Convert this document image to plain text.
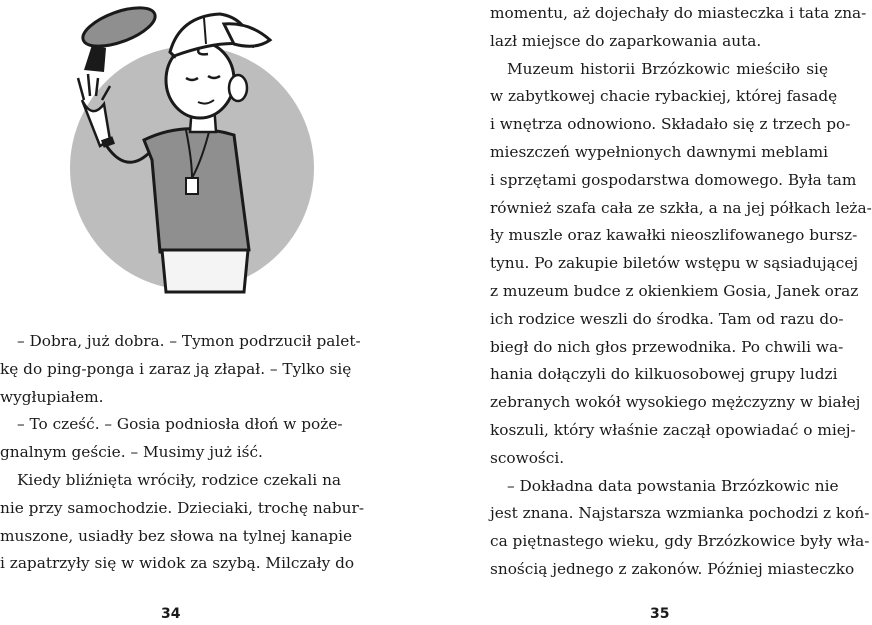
– Dobra, już dobra. – Tymon podrzucił palet-
kę do ping-ponga i zaraz ją złapał. – Tylko się
wygłupiałem.
– To cześć. – Gosia podniosła dłoń w poże-
gnalnym geście. – Musimy już iść.
Kiedy bliźnięta wróciły, rodzice czekali na
nie przy samochodzie. Dzieciaki, trochę nabur-
muszone, usiadły bez słowa na tylnej kanapie
i zapatrzyły się w widok za szybą. Milczały do
34
momentu, aż dojechały do miasteczka i tata zna-
lazł miejsce do zaparkowania auta.
Muzeum historii Brzózkowic mieściło się
w zabytkowej chacie rybackiej, której fasadę
i wnętrza odnowiono. Składało się z trzech po-
mieszczeń wypełnionych dawnymi meblami
i sprzętami gospodarstwa domowego. Była tam
również szafa cała ze szkła, a na jej półkach leża-
ły muszle oraz kawałki nieoszlifowanego bursz-
tynu. Po zakupie biletów wstępu w sąsiadującej
z muzeum budce z okienkiem Gosia, Janek oraz
ich rodzice weszli do środka. Tam od razu do-
biegł do nich głos przewodnika. Po chwili wa-
hania dołączyli do kilkuosobowej grupy ludzi
zebranych wokół wysokiego mężczyzny w białej
koszuli, który właśnie zaczął opowiadać o miej-
scowości.
– Dokładna data powstania Brzózkowic nie
jest znana. Najstarsza wzmianka pochodzi z koń-
ca piętnastego wieku, gdy Brzózkowice były wła-
snością jednego z zakonów. Później miasteczko
35
